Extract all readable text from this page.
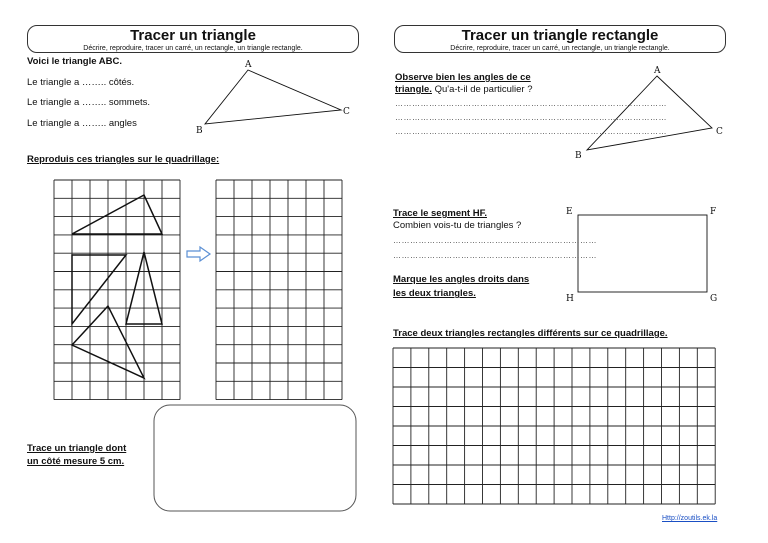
Tracer un triangle
Décrire, reproduire, tracer un carré, un rectangle, un triangle rectangle.
Tracer un triangle rectangle
Décrire, reproduire, tracer un carré, un rectangle, un triangle rectangle.
Voici le triangle ABC.
Le triangle a …….. côtés.
Le triangle a …….. sommets.
Le triangle a …….. angles
Reproduis ces triangles sur le quadrillage:
Trace un triangle dont
un côté mesure 5 cm.
Observe bien les angles de ce
triangle. Qu'a-t-il de particulier ?
……………………………………………………………………………………
……………………………………………………………………………………
……………………………………………………………………………………
Trace le segment HF.
Combien vois-tu de triangles ?
………………………………………………………………
………………………………………………………………
Marque les angles droits dans
les deux triangles.
Trace deux triangles rectangles différents sur ce quadrillage.
Http://zoutils.ek.la
A
C
B
A
C
B
E	F
G
H
